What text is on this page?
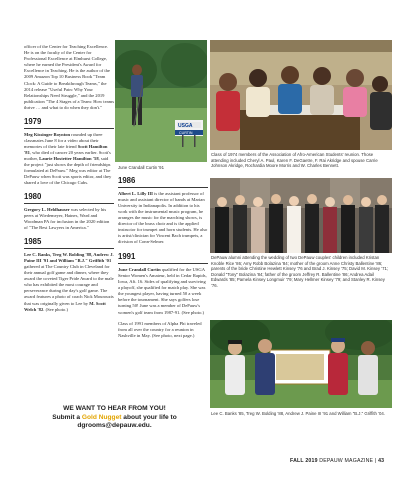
officer of the Center for Teaching Excellence. He is on the faculty of the Center for Professional Excellence at Elmhurst College, where he earned the President's Award for Excellence in Teaching. He is the author of the 2009 Amazon Top 10 Business Book "Team Clock: A Guide to Breakthrough Teams," the 2014 release "Useful Pain: Why Your Relationships Need Struggle," and the 2019 publication "The 4 Stages of a Team: How teams thrive … and what to do when they don't."

1979

Meg Kissinger Boynton rounded up three classmates June 8 for a video about their memories of their late friend Scott Hamilton '81, who died of cancer 20 years earlier. Scott's mother, Laurie Hostetter Hamilton '58, said the project "just shows the depth of friendships formulated at DePauw." Meg was editor at The DePauw when Scott was sports editor, and they shared a love of the Chicago Cubs.

1980

Gregory L. Heldhauser was selected by his peers at Wiedemeyer, Haines, Ward and Woodman PA for inclusion in the 2020 edition of "The Best Lawyers in America."

1985

Lee C. Banks, Treg W. Bolding '88, Andrew J. Paine III '91 and William "B.J." Griffith '01 gathered at The Country Club in Cleveland for their annual golf game and dinner, where they award the coveted Tiger Pride Award to the male who has exhibited the most courage and perseverance during the day's golf game. The award features a photo of coach Nick Mourouzis that was originally given to Lee by M. Scott Welch '82. (See photo.)

USGA
CURTIN
June Crandall Curtin '91
1986

Albert L. Lilly III is the assistant professor of music and assistant director of bands at Marian University in Indianapolis. In addition to his work with the instrumental music program, he arranges the music for the marching shows, is director of the brass choir and is the applied instructor for trumpet and horn students. He also is artist/clinician for Vincent Bach trumpets, a division of Conn-Selmer.

1991

June Crandall Curtin qualified for the USGA Senior Women's Amateur, held in Cedar Rapids, Iowa, Aft. 16. Sides of qualifying and surviving a playoff, she qualified for match play. She was the youngest player, having turned 50 a week before the tournament. She says golfers lose turning 50! June was a member of DePauw's women's golf team from 1987-91. (See photo.)

Class of 1991 members of Alpha Phi traveled from all over the country for a reunion in Nashville in May. (See photo, next page.)

Class of 1974 members of the Association of Afro-American Students' reunion. Those attending included Cheryl A. Paul, Karen F. DeGaetre, F. Rai Akridge and spouse Carrie Johnson Akridge, Rochardia Moore Morris and W. Charles Bennett.
DePauw alumni attending the wedding of two DePauw couples' children included Kristan Knoble Rice '86; Amy Robb Bolazina '84; mother of the groom Anne Christy Ballentine '86; parents of the bride Christine Hewlett Kinsey '76 and Brad J. Kinsey '75; David M. Kinsey '71; Donald "Tony" Bolazina '84; father of the groom Jeffrey R. Ballentine '86; Andrea Adail Edwards '85; Pamela Kinsey Longmuir '79; Mary Hellmer Kinsey '79; and Stanley R. Kinsey '76.
Lee C. Banks '85, Treg W. Bolding '88, Andrew J. Paine III '91 and William "B.J." Griffith '04.
WE WANT TO HEAR FROM YOU!
Submit a Gold Nugget about your life to dgrooms@depauw.edu.
FALL 2019 DEPAUW MAGAZINE | 43
